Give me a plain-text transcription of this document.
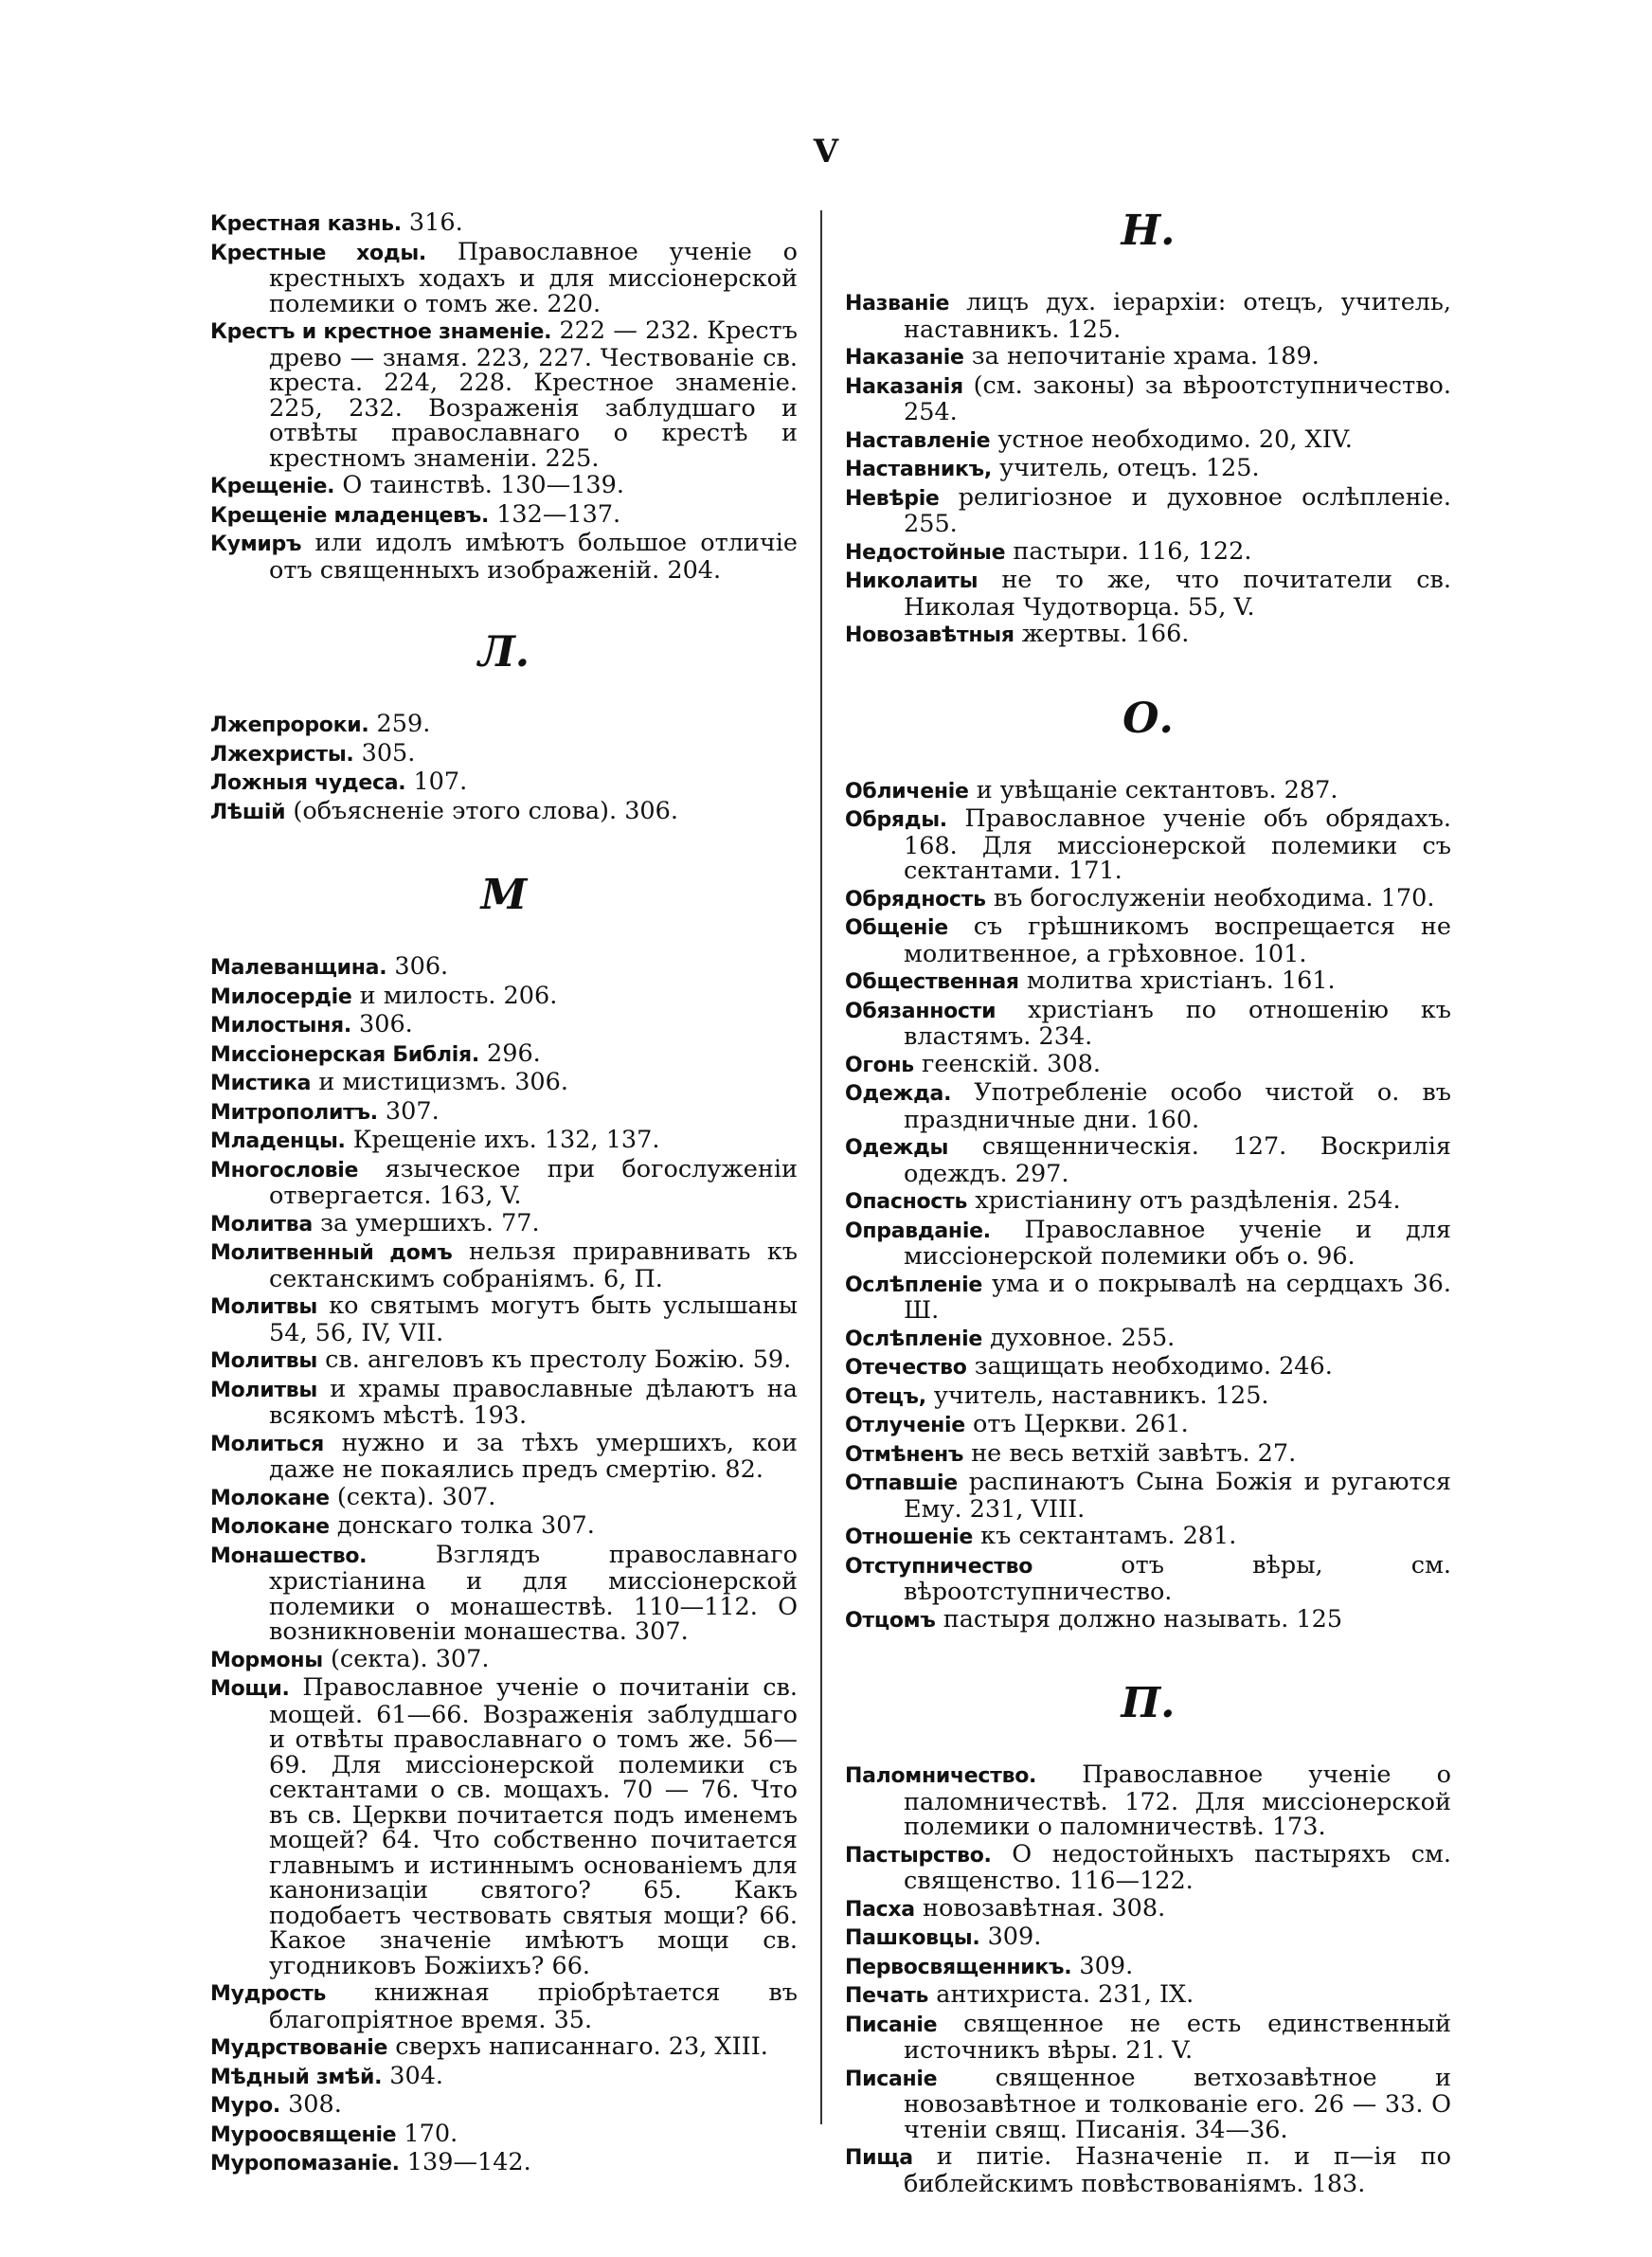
V
Крестная казнь. 316.
Крестные ходы. Православное ученіе о крестныхъ ходахъ и для миссіонерской полемики о томъ же. 220.
Крестъ и крестное знаменіе. 222 — 232. Крестъ древо — знамя. 223, 227. Чествованіе св. креста. 224, 228. Крестное знаменіе. 225, 232. Возраженія заблудшаго и отвѣты православнаго о крестѣ и крестномъ знаменіи. 225.
Крещеніе. О таинствѣ. 130—139.
Крещеніе младенцевъ. 132—137.
Кумиръ или идолъ имѣютъ большое отличіе отъ священныхъ изображеній. 204.
Л.
Лжепророки. 259.
Лжехристы. 305.
Ложныя чудеса. 107.
Лѣшій (объясненіе этого слова). 306.
М
Малеванщина. 306.
Милосердіе и милость. 206.
Милостыня. 306.
Миссіонерская Библія. 296.
Мистика и мистицизмъ. 306.
Митрополитъ. 307.
Младенцы. Крещеніе ихъ. 132, 137.
Многословіе языческое при богослуженіи отвергается. 163, V.
Молитва за умершихъ. 77.
Молитвенный домъ нельзя приравнивать къ сектанскимъ собраніямъ. 6, П.
Молитвы ко святымъ могутъ быть услышаны 54, 56, IV, VII.
Молитвы св. ангеловъ къ престолу Божію. 59.
Молитвы и храмы православные дѣлаютъ на всякомъ мѣстѣ. 193.
Молиться нужно и за тѣхъ умершихъ, кои даже не покаялись предъ смертію. 82.
Молокане (секта). 307.
Молокане донскаго толка 307.
Монашество.	Взглядъ православнаго христіанина и для миссіонерской полемики о монашествѣ. 110—112. О возникновеніи монашества. 307.
Мормоны (секта). 307.
Мощи. Православное ученіе о почитаніи св. мощей. 61—66. Возраженія заблудшаго и отвѣты православнаго о томъ же. 56—69. Для миссіонерской полемики съ сектантами о св. мощахъ. 70 — 76. Что въ св. Церкви почитается подъ именемъ мощей? 64. Что собственно почитается главнымъ и истиннымъ основаніемъ для канонизаціи святого? 65. Какъ подобаетъ чествовать святыя мощи? 66. Какое значеніе имѣютъ мощи св. угодниковъ Божіихъ? 66.
Мудрость книжная пріобрѣтается въ благопріятное время. 35.
Мудрствованіе сверхъ написаннаго. 23, XIII.
Мѣдный змѣй. 304.
Муро. 308.
Муроосвященіе 170.
Муропомазаніе. 139—142.
Н.
Названіе лицъ дух. іерархіи: отецъ, учитель, наставникъ. 125.
Наказаніе за непочитаніе храма. 189.
Наказанія (см. законы) за вѣроотступничество. 254.
Наставленіе устное необходимо. 20, XIV.
Наставникъ, учитель, отецъ. 125.
Невѣріе религіозное и духовное ослѣпленіе. 255.
Недостойные пастыри. 116, 122.
Николаиты не то же, что почитатели св. Николая Чудотворца. 55, V.
Новозавѣтныя жертвы. 166.
О.
Обличеніе и увѣщаніе сектантовъ. 287.
Обряды. Православное ученіе объ обрядахъ. 168. Для миссіонерской полемики съ сектантами. 171.
Обрядность въ богослуженіи необходима. 170.
Общеніе съ грѣшникомъ воспрещается не молитвенное, а грѣховное. 101.
Общественная молитва христіанъ. 161.
Обязанности христіанъ по отношенію къ властямъ. 234.
Огонь геенскій. 308.
Одежда. Употребленіе особо чистой о. въ праздничные дни. 160.
Одежды священническія. 127. Воскрилія одеждъ. 297.
Опасность христіанину отъ раздѣленія. 254.
Оправданіе. Православное ученіе и для миссіонерской полемики объ о. 96.
Ослѣпленіе ума и о покрывалѣ на сердцахъ 36. Ш.
Ослѣпленіе духовное. 255.
Отечество защищать необходимо. 246.
Отецъ, учитель, наставникъ. 125.
Отлученіе отъ Церкви. 261.
Отмѣненъ не весь ветхій завѣтъ. 27.
Отпавшіе распинаютъ Сына Божія и ругаются Ему. 231, VIII.
Отношеніе къ сектантамъ. 281.
Отступничество	отъ вѣры, см. вѣроотступничество.
Отцомъ пастыря должно называть. 125
П.
Паломничество. Православное ученіе о паломничествѣ. 172. Для миссіонерской полемики о паломничествѣ. 173.
Пастырство. О недостойныхъ пастыряхъ см. священство. 116—122.
Пасха новозавѣтная. 308.
Пашковцы. 309.
Первосвященникъ. 309.
Печать антихриста. 231, IX.
Писаніе священное не есть единственный источникъ вѣры. 21. V.
Писаніе священное ветхозавѣтное и новозавѣтное и толкованіе его. 26 — 33. О чтеніи свящ. Писанія. 34—36.
Пища и питіе. Назначеніе п. и п—ія по библейскимъ повѣствованіямъ. 183.
